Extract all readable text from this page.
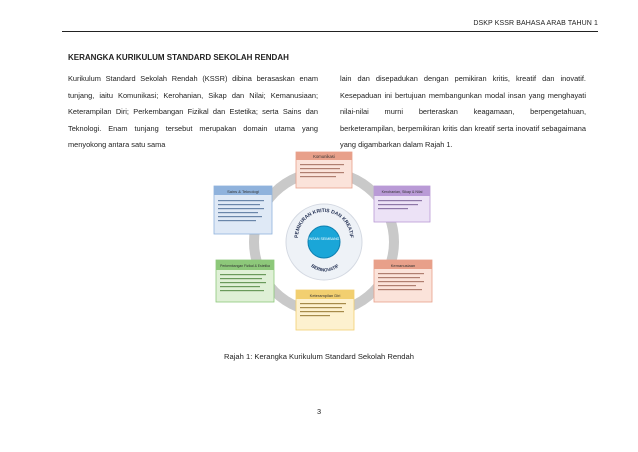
DSKP KSSR BAHASA ARAB TAHUN 1
KERANGKA KURIKULUM STANDARD SEKOLAH RENDAH
Kurikulum Standard Sekolah Rendah (KSSR) dibina berasaskan enam tunjang, iaitu Komunikasi; Kerohanian, Sikap dan Nilai; Kemanusiaan; Keterampilan Diri; Perkembangan Fizikal dan Estetika; serta Sains dan Teknologi. Enam tunjang tersebut merupakan domain utama yang menyokong antara satu sama
lain dan disepadukan dengan pemikiran kritis, kreatif dan inovatif. Kesepaduan ini bertujuan membangunkan modal insan yang menghayati nilai-nilai murni berteraskan keagamaan, berpengetahuan, berketerampilan, berpemikiran kritis dan kreatif serta inovatif sebagaimana yang digambarkan dalam Rajah 1.
INSAN SEIMBANG
PEMIKIRAN KRITIS DAN KREATIF
BERINOVATIF
Komunikasi
Kerohanian, Sikap & Nilai
Kemanusiaan
Keterampilan Diri
Perkembangan Fizikal & Estetika
Sains & Teknologi
Rajah 1: Kerangka Kurikulum Standard Sekolah Rendah
3
